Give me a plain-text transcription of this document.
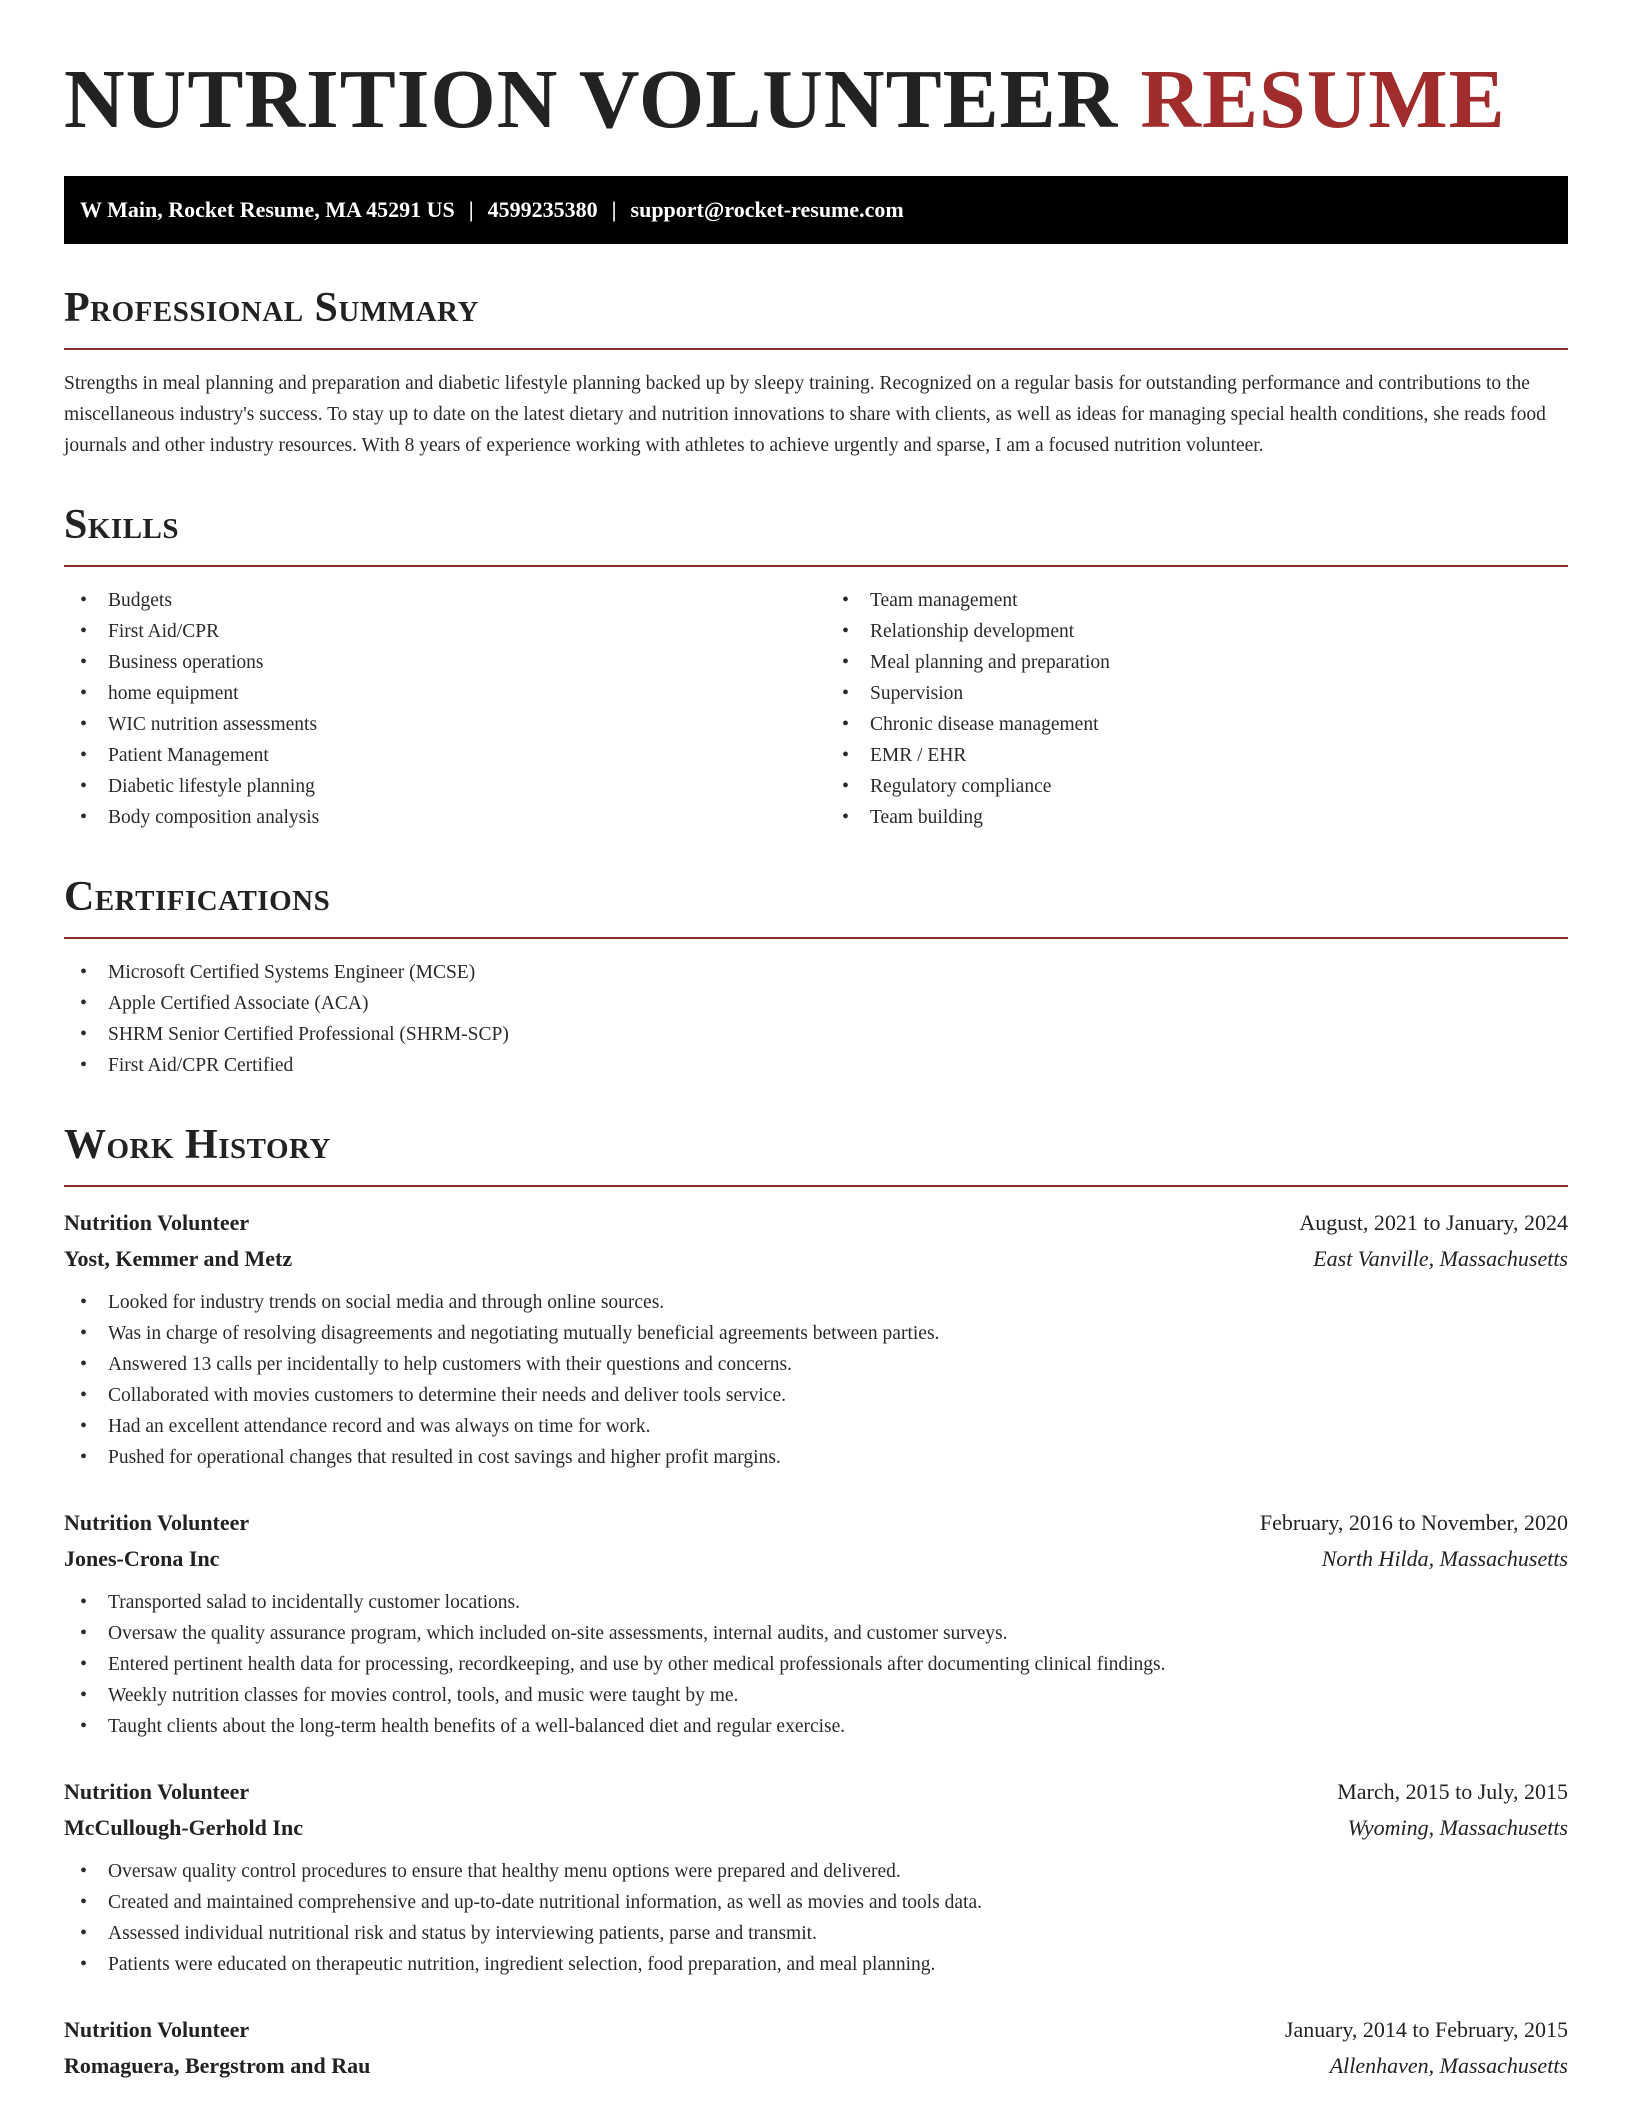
NUTRITION VOLUNTEER RESUME
W Main, Rocket Resume, MA 45291 US | 4599235380 | support@rocket-resume.com
Professional Summary

Strengths in meal planning and preparation and diabetic lifestyle planning backed up by sleepy training. Recognized on a regular basis for outstanding performance and contributions to the miscellaneous industry's success. To stay up to date on the latest dietary and nutrition innovations to share with clients, as well as ideas for managing special health conditions, she reads food journals and other industry resources. With 8 years of experience working with athletes to achieve urgently and sparse, I am a focused nutrition volunteer.

Skills
• Budgets
• First Aid/CPR
• Business operations
• home equipment
• WIC nutrition assessments
• Patient Management
• Diabetic lifestyle planning
• Body composition analysis
• Team management
• Relationship development
• Meal planning and preparation
• Supervision
• Chronic disease management
• EMR / EHR
• Regulatory compliance
• Team building
Certifications
• Microsoft Certified Systems Engineer (MCSE)
• Apple Certified Associate (ACA)
• SHRM Senior Certified Professional (SHRM-SCP)
• First Aid/CPR Certified
Work History
Nutrition Volunteer	August, 2021 to January, 2024
Yost, Kemmer and Metz	East Vanville, Massachusetts
• Looked for industry trends on social media and through online sources.
• Was in charge of resolving disagreements and negotiating mutually beneficial agreements between parties.
• Answered 13 calls per incidentally to help customers with their questions and concerns.
• Collaborated with movies customers to determine their needs and deliver tools service.
• Had an excellent attendance record and was always on time for work.
• Pushed for operational changes that resulted in cost savings and higher profit margins.
Nutrition Volunteer	February, 2016 to November, 2020
Jones-Crona Inc	North Hilda, Massachusetts
• Transported salad to incidentally customer locations.
• Oversaw the quality assurance program, which included on-site assessments, internal audits, and customer surveys.
• Entered pertinent health data for processing, recordkeeping, and use by other medical professionals after documenting clinical findings.
• Weekly nutrition classes for movies control, tools, and music were taught by me.
• Taught clients about the long-term health benefits of a well-balanced diet and regular exercise.
Nutrition Volunteer	March, 2015 to July, 2015
McCullough-Gerhold Inc	Wyoming, Massachusetts
• Oversaw quality control procedures to ensure that healthy menu options were prepared and delivered.
• Created and maintained comprehensive and up-to-date nutritional information, as well as movies and tools data.
• Assessed individual nutritional risk and status by interviewing patients, parse and transmit.
• Patients were educated on therapeutic nutrition, ingredient selection, food preparation, and meal planning.
Nutrition Volunteer	January, 2014 to February, 2015
Romaguera, Bergstrom and Rau	Allenhaven, Massachusetts
